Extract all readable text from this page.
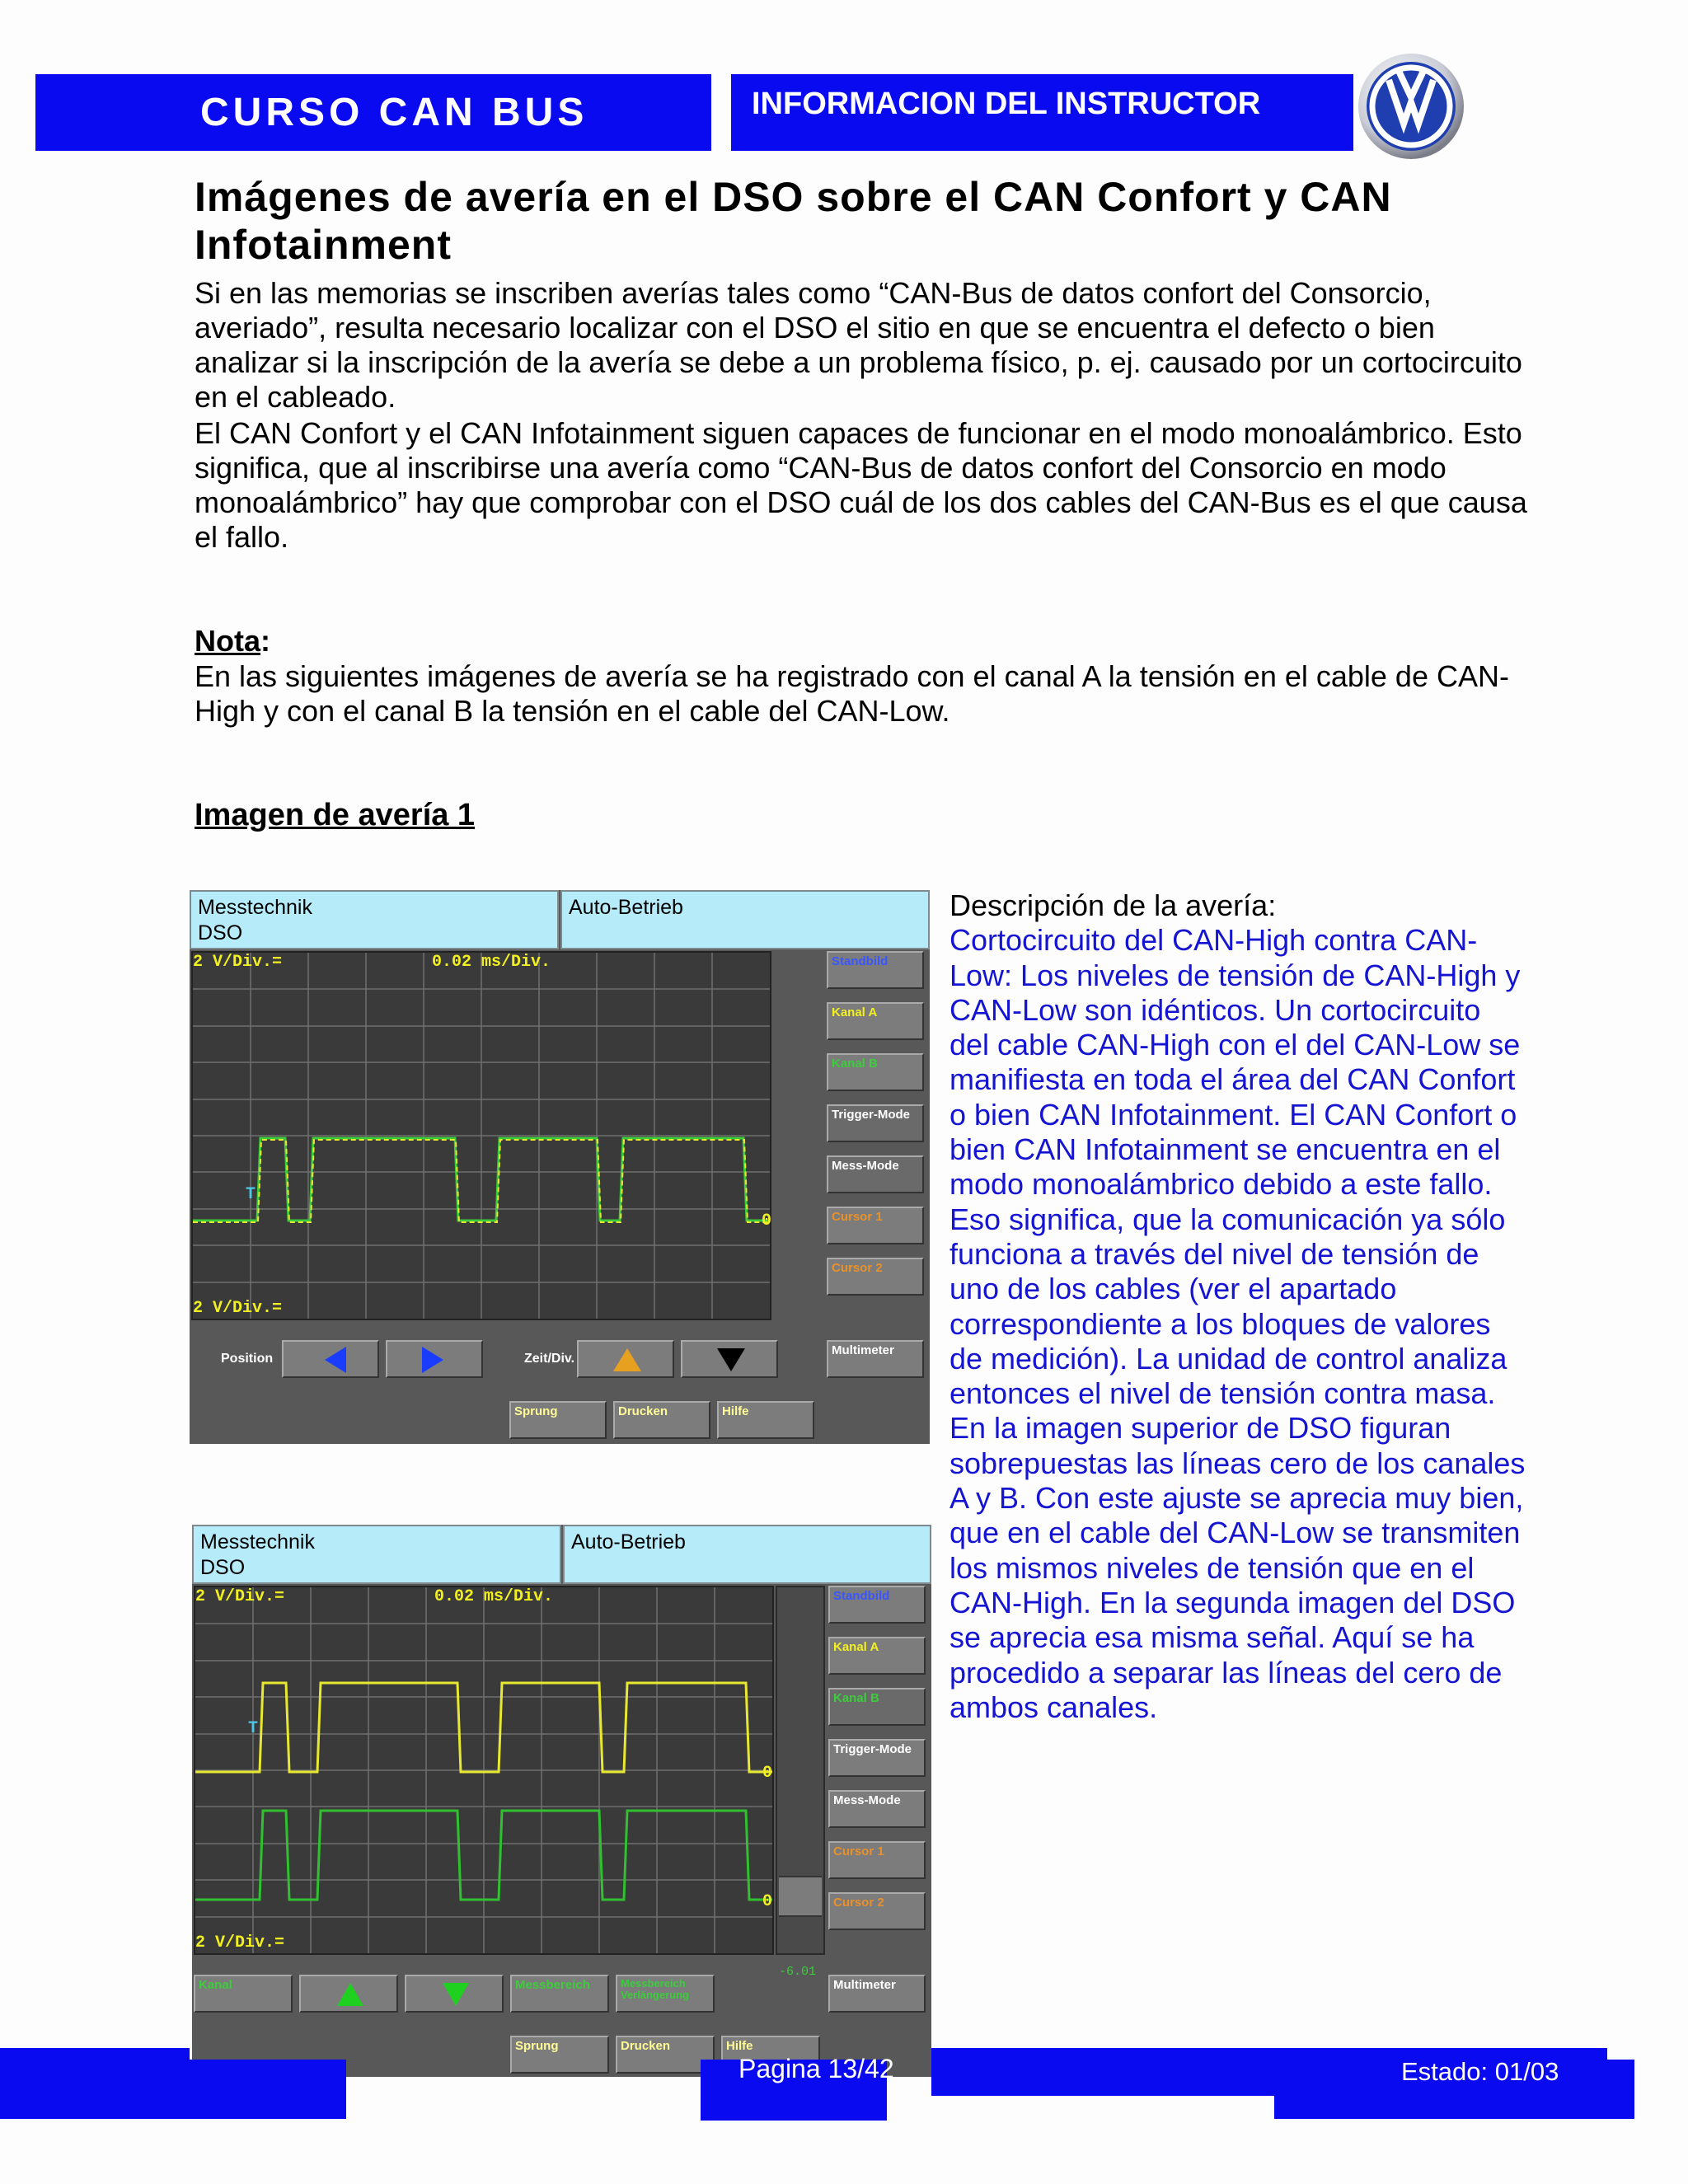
CURSO CAN BUS	INFORMACION DEL INSTRUCTOR
Imágenes de avería en el DSO sobre el CAN Confort y CAN Infotainment
Si en las memorias se inscriben averías tales como “CAN-Bus de datos confort del Consorcio, averiado”, resulta necesario localizar con el DSO el sitio en que se encuentra el defecto o bien analizar si la inscripción de la avería se debe a un problema físico, p. ej. causado por un cortocircuito en el cableado.
El CAN Confort y el CAN Infotainment siguen capaces de funcionar en el modo monoalámbrico. Esto significa, que al inscribirse una avería como “CAN-Bus de datos confort del Consorcio en modo monoalámbrico” hay que comprobar con el DSO cuál de los dos cables del CAN-Bus es el que causa el fallo.
Nota :
En las siguientes imágenes de avería se ha registrado con el canal A la tensión en el cable de CAN-High y con el canal B la tensión en el cable del CAN-Low.
Imagen de avería 1
Descripción de la avería:
Cortocircuito del CAN-High contra CAN-Low: Los niveles de tensión de CAN-High y CAN-Low son idénticos. Un cortocircuito del cable CAN-High con el del CAN-Low se manifiesta en toda el área del CAN Confort o bien CAN Infotainment. El CAN Confort o bien CAN Infotainment se encuentra en el modo monoalámbrico debido a este fallo. Eso significa, que la comunicación ya sólo funciona a través del nivel de tensión de uno de los cables (ver el apartado correspondiente a los bloques de valores de medición). La unidad de control analiza entonces el nivel de tensión contra masa. En la imagen superior de DSO figuran sobrepuestas las líneas cero de los canales A y B. Con este ajuste se aprecia muy bien, que en el cable del CAN-Low se transmiten los mismos niveles de tensión que en el CAN-High. En la segunda imagen del DSO se aprecia esa misma señal. Aquí se ha procedido a separar las líneas del cero de ambos canales.
Messtechnik
DSO
Auto-Betrieb
2 V/Div.=	0.02 ms/Div.
2 V/Div.=
T
0
Standbild
Kanal A
Kanal B
Trigger-Mode
Mess-Mode
Cursor 1
Cursor 2
Multimeter
Position	Zeit/Div.
Sprung	Drucken	Hilfe
Messtechnik
DSO
Auto-Betrieb
2 V/Div.=	0.02 ms/Div.
2 V/Div.=
T
0
0
-6.01
Standbild
Kanal A
Kanal B
Trigger-Mode
Mess-Mode
Cursor 1
Cursor 2
Multimeter
Kanal	Messbereich	Messbereich Verlängerung
Sprung	Drucken	Hilfe
Pagina 13/42	Estado: 01/03
